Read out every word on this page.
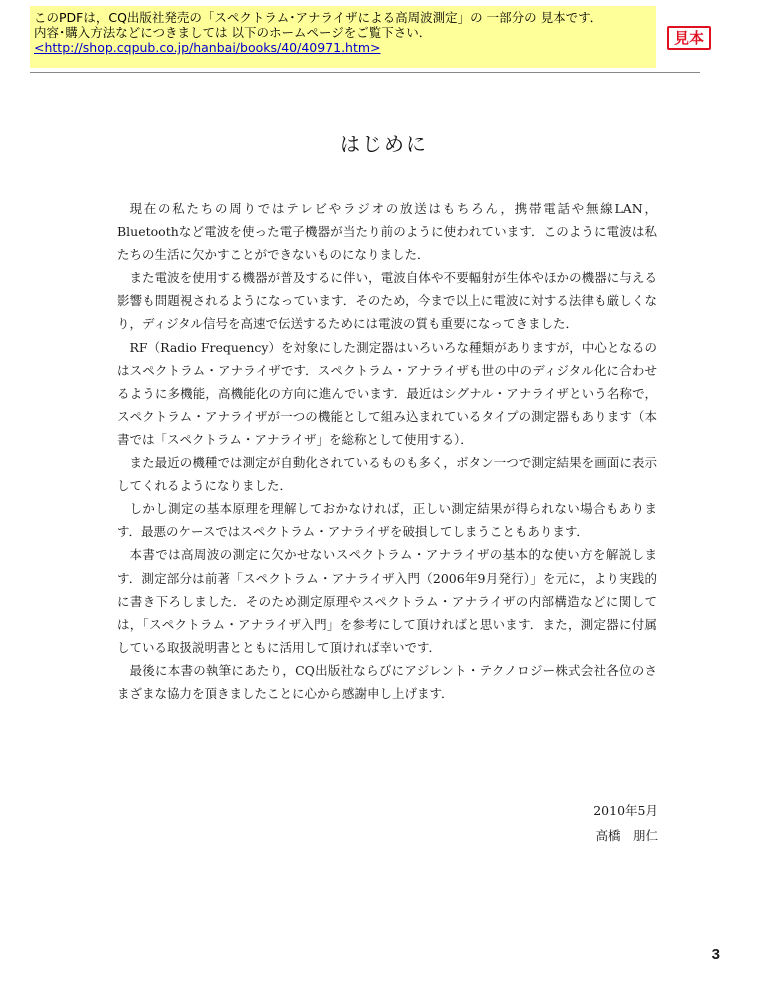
このPDFは，CQ出版社発売の「スペクトラム･アナライザによる高周波測定」の 一部分の 見本です．
内容･購入方法などにつきましては 以下のホームページをご覧下さい．
<http://shop.cqpub.co.jp/hanbai/books/40/40971.htm>
見本
はじめに

現在の私たちの周りではテレビやラジオの放送はもちろん，携帯電話や無線LAN，Bluetoothなど電波を使った電子機器が当たり前のように使われています．このように電波は私たちの生活に欠かすことができないものになりました．

また電波を使用する機器が普及するに伴い，電波自体や不要輻射が生体やほかの機器に与える影響も問題視されるようになっています．そのため，今まで以上に電波に対する法律も厳しくなり，ディジタル信号を高速で伝送するためには電波の質も重要になってきました．

RF（Radio Frequency）を対象にした測定器はいろいろな種類がありますが，中心となるのはスペクトラム・アナライザです．スペクトラム・アナライザも世の中のディジタル化に合わせるように多機能，高機能化の方向に進んでいます．最近はシグナル・アナライザという名称で，スペクトラム・アナライザが一つの機能として組み込まれているタイプの測定器もあります（本書では「スペクトラム・アナライザ」を総称として使用する）．

また最近の機種では測定が自動化されているものも多く，ボタン一つで測定結果を画面に表示してくれるようになりました．

しかし測定の基本原理を理解しておかなければ，正しい測定結果が得られない場合もあります．最悪のケースではスペクトラム・アナライザを破損してしまうこともあります．

本書では高周波の測定に欠かせないスペクトラム・アナライザの基本的な使い方を解説します．測定部分は前著「スペクトラム・アナライザ入門（2006年9月発行）」を元に，より実践的に書き下ろしました．そのため測定原理やスペクトラム・アナライザの内部構造などに関しては，「スペクトラム・アナライザ入門」を参考にして頂ければと思います．また，測定器に付属している取扱説明書とともに活用して頂ければ幸いです．

最後に本書の執筆にあたり，CQ出版社ならびにアジレント・テクノロジー株式会社各位のさまざまな協力を頂きましたことに心から感謝申し上げます．

2010年5月
高橋　朋仁
3
